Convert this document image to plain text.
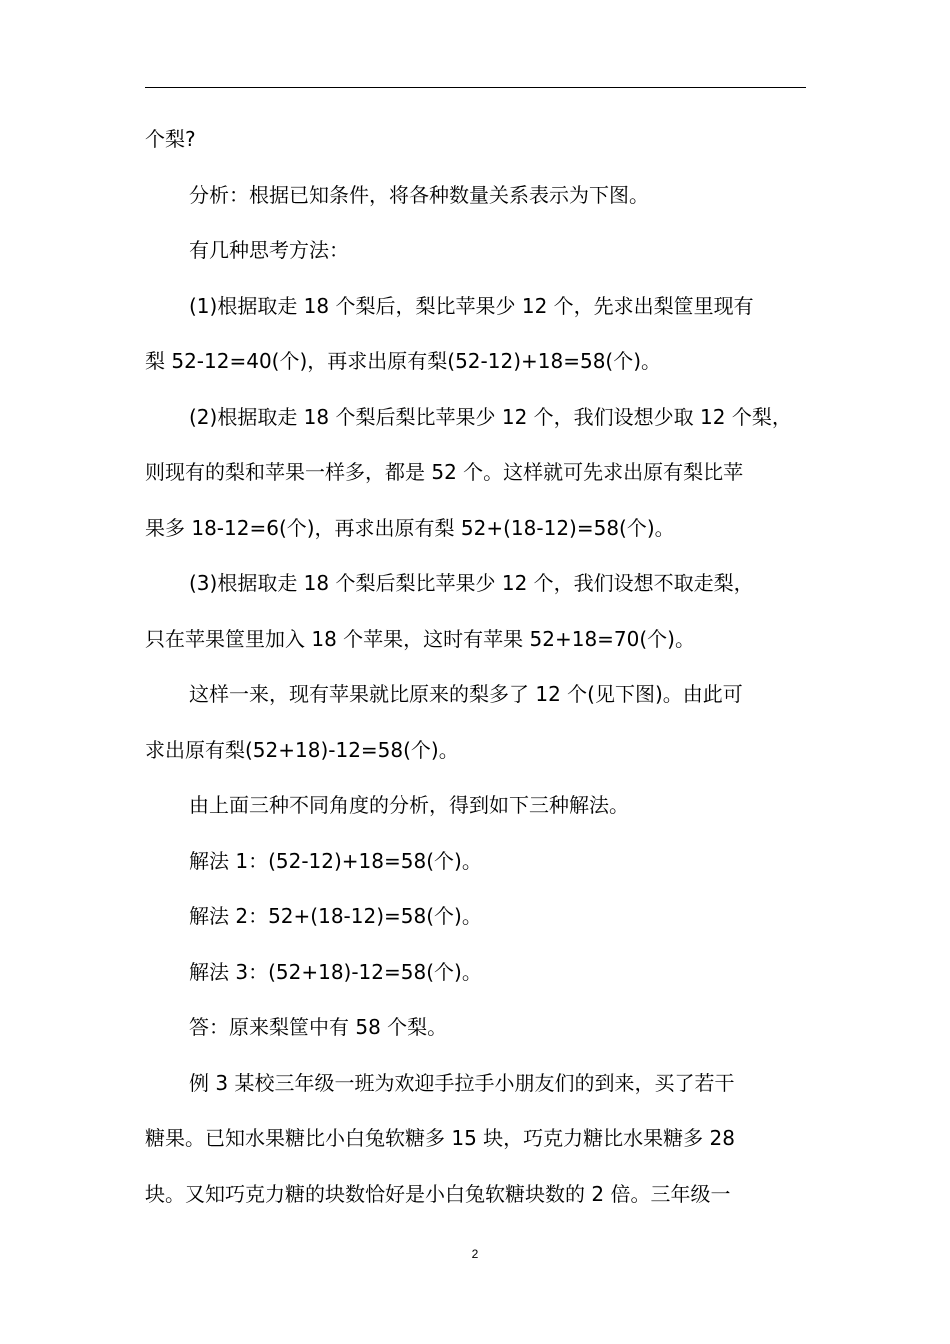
个梨?
分析：根据已知条件，将各种数量关系表示为下图。
有几种思考方法：
(1)根据取走 18 个梨后，梨比苹果少 12 个，先求出梨筐里现有
梨 52-12=40(个)，再求出原有梨(52-12)+18=58(个)。
(2)根据取走 18 个梨后梨比苹果少 12 个，我们设想少取 12 个梨，
则现有的梨和苹果一样多，都是 52 个。这样就可先求出原有梨比苹
果多 18-12=6(个)，再求出原有梨 52+(18-12)=58(个)。
(3)根据取走 18 个梨后梨比苹果少 12 个，我们设想不取走梨，
只在苹果筐里加入 18 个苹果，这时有苹果 52+18=70(个)。
这样一来，现有苹果就比原来的梨多了 12 个(见下图)。由此可
求出原有梨(52+18)-12=58(个)。
由上面三种不同角度的分析，得到如下三种解法。
解法 1：(52-12)+18=58(个)。
解法 2：52+(18-12)=58(个)。
解法 3：(52+18)-12=58(个)。
答：原来梨筐中有 58 个梨。
例 3 某校三年级一班为欢迎手拉手小朋友们的到来，买了若干
糖果。已知水果糖比小白兔软糖多 15 块，巧克力糖比水果糖多 28
块。又知巧克力糖的块数恰好是小白兔软糖块数的 2 倍。三年级一
2
